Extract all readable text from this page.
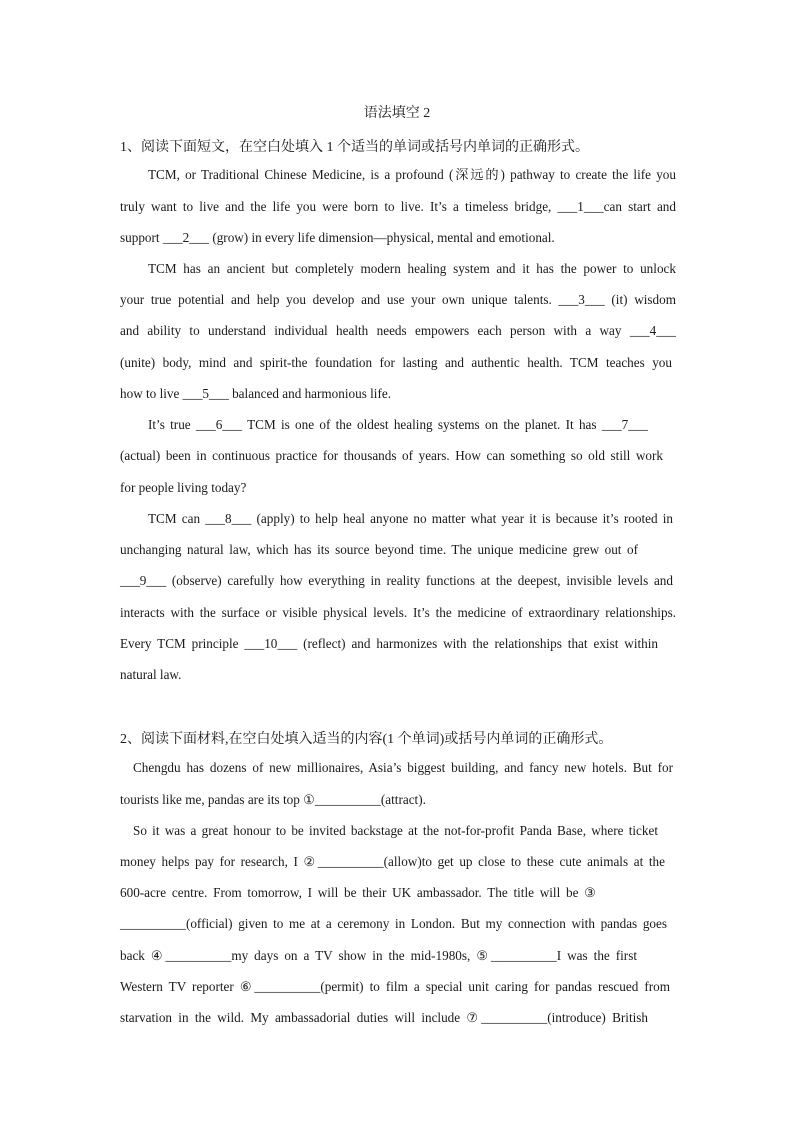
语法填空 2
1、阅读下面短文，在空白处填入 1 个适当的单词或括号内单词的正确形式。
TCM, or Traditional Chinese Medicine, is a profound (深远的) pathway to create the life you
truly want to live and the life you were born to live. It’s a timeless bridge, ___1___can start and
support ___2___ (grow) in every life dimension—physical, mental and emotional.
TCM has an ancient but completely modern healing system and it has the power to unlock
your true potential and help you develop and use your own unique talents. ___3___ (it) wisdom
and ability to understand individual health needs empowers each person with a way ___4___
(unite) body, mind and spirit-the foundation for lasting and authentic health. TCM teaches you
how to live ___5___ balanced and harmonious life.
It’s true ___6___ TCM is one of the oldest healing systems on the planet. It has ___7___
(actual) been in continuous practice for thousands of years. How can something so old still work
for people living today?
TCM can ___8___ (apply) to help heal anyone no matter what year it is because it’s rooted in
unchanging natural law, which has its source beyond time. The unique medicine grew out of
___9___ (observe) carefully how everything in reality functions at the deepest, invisible levels and
interacts with the surface or visible physical levels. It’s the medicine of extraordinary relationships.
Every TCM principle ___10___ (reflect) and harmonizes with the relationships that exist within
natural law.
2、阅读下面材料,在空白处填入适当的内容(1 个单词)或括号内单词的正确形式。
Chengdu has dozens of new millionaires, Asia’s biggest building, and fancy new hotels. But for
tourists like me, pandas are its top ①__________(attract).
So it was a great honour to be invited backstage at the not-for-profit Panda Base, where ticket
money helps pay for research, I ②__________(allow)to get up close to these cute animals at the
600-acre centre. From tomorrow, I will be their UK ambassador. The title will be ③
__________(official) given to me at a ceremony in London. But my connection with pandas goes
back ④__________my days on a TV show in the mid-1980s, ⑤__________I was the first
Western TV reporter ⑥__________(permit) to film a special unit caring for pandas rescued from
starvation in the wild. My ambassadorial duties will include ⑦__________(introduce) British
